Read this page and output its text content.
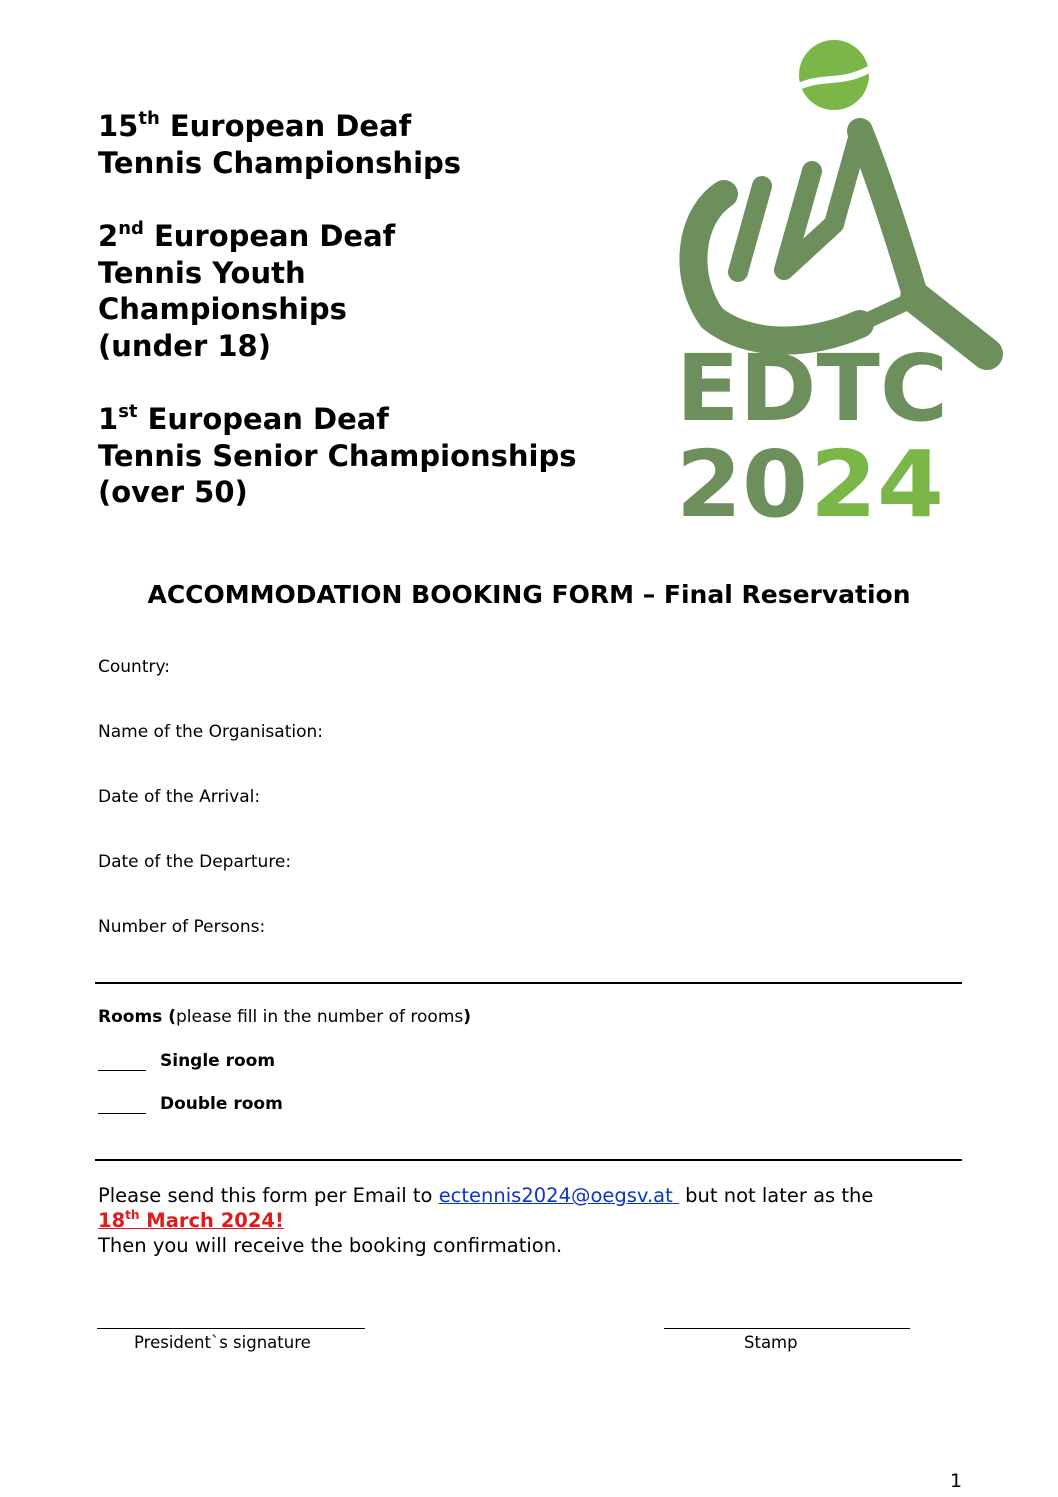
15th European Deaf
Tennis Championships
2nd European Deaf
Tennis Youth
Championships
(under 18)
1st European Deaf
Tennis Senior Championships
(over 50)
EDTC
20 24
ACCOMMODATION BOOKING FORM – Final Reservation
Country:
Name of the Organisation:
Date of the Arrival:
Date of the Departure:
Number of Persons:
Rooms (please fill in the number of rooms)
Single room
Double room
Please send this form per Email to ectennis2024@oegsv.at  but not later as the
18th March 2024!
Then you will receive the booking confirmation.
President`s signature	Stamp
1
